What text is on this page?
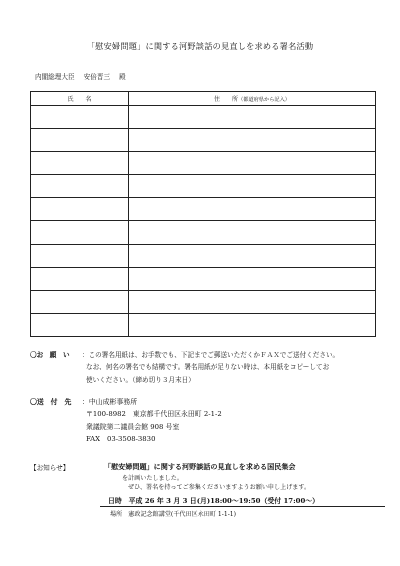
「慰安婦問題」に関する河野談話の見直しを求める署名活動
内閣総理大臣 安倍晋三 殿
氏　　名	住　　所（都道府県から記入）

〇お　願　い ：この署名用紙は、お手数でも、下記までご郵送いただくかＦＡＸでご送付ください。
なお、何名の署名でも結構です。署名用紙が足りない時は、本用紙をコピーしてお
使いください。（締め切り３月末日）
〇送　付　先	：中山成彬事務所
〒100-8982　東京都千代田区永田町 2-1-2
衆議院第二議員会館 908 号室
FAX　03-3508-3830
【お知らせ】	「慰安婦問題」に関する河野談話の見直しを求める国民集会
を計画いたしました。
ぜひ、署名を持ってご参集くださいますようお願い申し上げます。
日時　平成 26 年 3 月 3 日(月)18:00～19:50（受付 17:00～）
場所　憲政記念館講堂(千代田区永田町 1-1-1)
